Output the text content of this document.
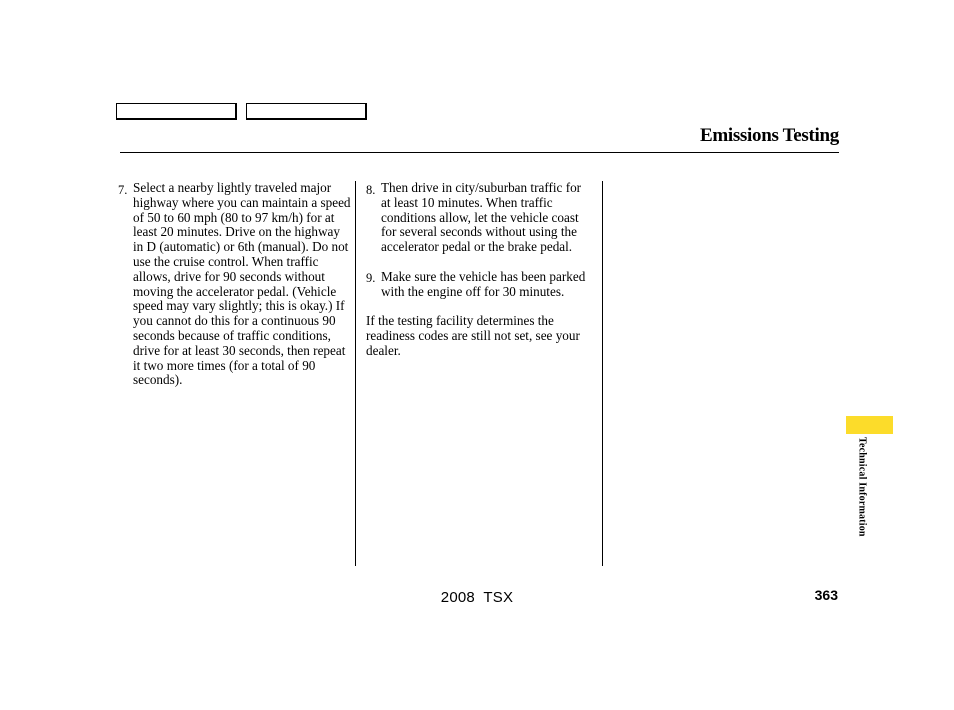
Emissions Testing
7. Select a nearby lightly traveled major highway where you can maintain a speed of 50 to 60 mph (80 to 97 km/h) for at least 20 minutes. Drive on the highway in D (automatic) or 6th (manual). Do not use the cruise control. When traffic allows, drive for 90 seconds without moving the accelerator pedal. (Vehicle speed may vary slightly; this is okay.) If you cannot do this for a continuous 90 seconds because of traffic conditions, drive for at least 30 seconds, then repeat it two more times (for a total of 90 seconds).
8. Then drive in city/suburban traffic for at least 10 minutes. When traffic conditions allow, let the vehicle coast for several seconds without using the accelerator pedal or the brake pedal.
9. Make sure the vehicle has been parked with the engine off for 30 minutes.

If the testing facility determines the readiness codes are still not set, see your dealer.

Technical Information
2008  TSX	363
